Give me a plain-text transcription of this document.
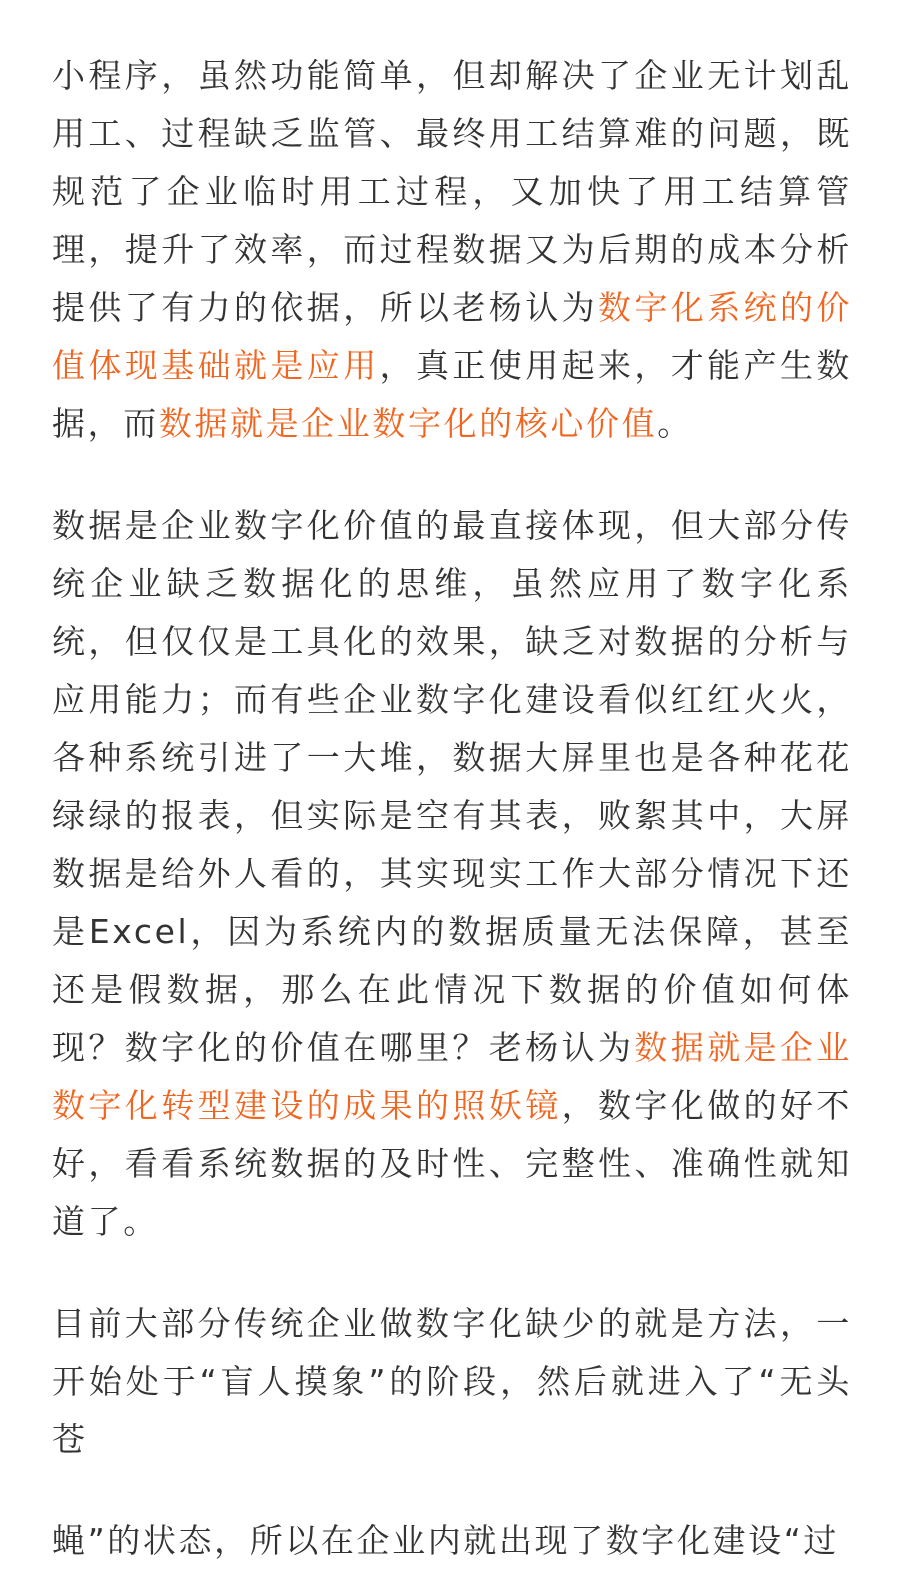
小程序，虽然功能简单，但却解决了企业无计划乱用工、过程缺乏监管、最终用工结算难的问题，既规范了企业临时用工过程，又加快了用工结算管理，提升了效率，而过程数据又为后期的成本分析提供了有力的依据，所以老杨认为数字化系统的价值体现基础就是应用，真正使用起来，才能产生数据，而数据就是企业数字化的核心价值。

数据是企业数字化价值的最直接体现，但大部分传统企业缺乏数据化的思维，虽然应用了数字化系统，但仅仅是工具化的效果，缺乏对数据的分析与应用能力；而有些企业数字化建设看似红红火火，各种系统引进了一大堆，数据大屏里也是各种花花绿绿的报表，但实际是空有其表，败絮其中，大屏数据是给外人看的，其实现实工作大部分情况下还是Excel，因为系统内的数据质量无法保障，甚至还是假数据，那么在此情况下数据的价值如何体现？数字化的价值在哪里？老杨认为数据就是企业数字化转型建设的成果的照妖镜，数字化做的好不好，看看系统数据的及时性、完整性、准确性就知道了。

目前大部分传统企业做数字化缺少的就是方法，一开始处于“盲人摸象”的阶段，然后就进入了“无头苍

蝇”的状态，所以在企业内就出现了数字化建设“过
